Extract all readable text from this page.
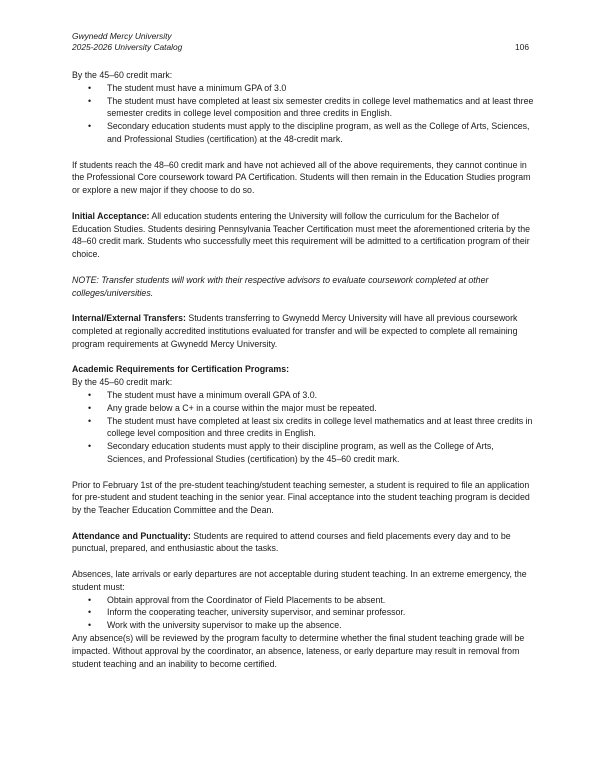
Gwynedd Mercy University
2025-2026 University Catalog	106

By the 45–60 credit mark:

•	The student must have a minimum GPA of 3.0
•	The student must have completed at least six semester credits in college level mathematics and at least three semester credits in college level composition and three credits in English.
•	Secondary education students must apply to the discipline program, as well as the College of Arts, Sciences, and Professional Studies (certification) at the 48-credit mark.

If students reach the 48–60 credit mark and have not achieved all of the above requirements, they cannot continue in the Professional Core coursework toward PA Certification. Students will then remain in the Education Studies program or explore a new major if they choose to do so.

Initial Acceptance: All education students entering the University will follow the curriculum for the Bachelor of Education Studies. Students desiring Pennsylvania Teacher Certification must meet the aforementioned criteria by the 48–60 credit mark. Students who successfully meet this requirement will be admitted to a certification program of their choice.

NOTE: Transfer students will work with their respective advisors to evaluate coursework completed at other colleges/universities.

Internal/External Transfers: Students transferring to Gwynedd Mercy University will have all previous coursework completed at regionally accredited institutions evaluated for transfer and will be expected to complete all remaining program requirements at Gwynedd Mercy University.

Academic Requirements for Certification Programs:

By the 45–60 credit mark:

•	The student must have a minimum overall GPA of 3.0.
•	Any grade below a C+ in a course within the major must be repeated.
•	The student must have completed at least six credits in college level mathematics and at least three credits in college level composition and three credits in English.
•	Secondary education students must apply to their discipline program, as well as the College of Arts, Sciences, and Professional Studies (certification) by the 45–60 credit mark.

Prior to February 1st of the pre-student teaching/student teaching semester, a student is required to file an application for pre-student and student teaching in the senior year. Final acceptance into the student teaching program is decided by the Teacher Education Committee and the Dean.

Attendance and Punctuality: Students are required to attend courses and field placements every day and to be punctual, prepared, and enthusiastic about the tasks.

Absences, late arrivals or early departures are not acceptable during student teaching. In an extreme emergency, the student must:

•	Obtain approval from the Coordinator of Field Placements to be absent.
•	Inform the cooperating teacher, university supervisor, and seminar professor.
•	Work with the university supervisor to make up the absence.

Any absence(s) will be reviewed by the program faculty to determine whether the final student teaching grade will be impacted. Without approval by the coordinator, an absence, lateness, or early departure may result in removal from student teaching and an inability to become certified.
